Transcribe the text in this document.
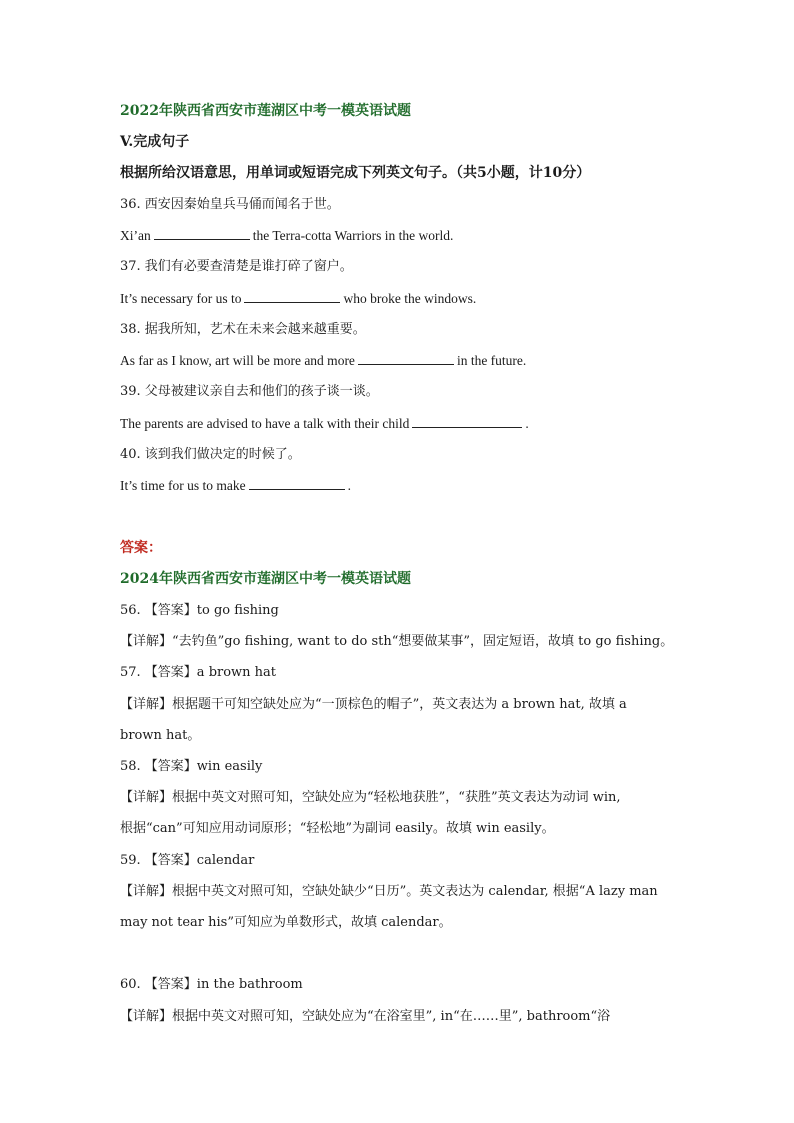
2022年陕西省西安市莲湖区中考一模英语试题
V.完成句子
根据所给汉语意思，用单词或短语完成下列英文句子。（共5小题，计10分）
36. 西安因秦始皇兵马俑而闻名于世。
Xi’an	the Terra-cotta Warriors in the world.
37. 我们有必要查清楚是谁打碎了窗户。
It’s necessary for us to	who broke the windows.
38. 据我所知，艺术在未来会越来越重要。
As far as I know, art will be more and more	in the future.
39. 父母被建议亲自去和他们的孩子谈一谈。
The parents are advised to have a talk with their child	.
40. 该到我们做决定的时候了。
It’s time for us to make	.
答案：
2024年陕西省西安市莲湖区中考一模英语试题
56. 【答案】to go fishing
【详解】“去钓鱼”go fishing, want to do sth“想要做某事”，固定短语，故填 to go fishing。
57. 【答案】a brown hat
【详解】根据题干可知空缺处应为“一顶棕色的帽子”，英文表达为 a brown hat, 故填 a
brown hat。
58. 【答案】win easily
【详解】根据中英文对照可知，空缺处应为“轻松地获胜”，“获胜”英文表达为动词 win,
根据“can”可知应用动词原形；“轻松地”为副词 easily。故填 win easily。
59. 【答案】calendar
【详解】根据中英文对照可知，空缺处缺少“日历”。英文表达为 calendar, 根据“A lazy man
may not tear his”可知应为单数形式，故填 calendar。
60. 【答案】in the bathroom
【详解】根据中英文对照可知，空缺处应为“在浴室里”, in“在……里”, bathroom“浴
